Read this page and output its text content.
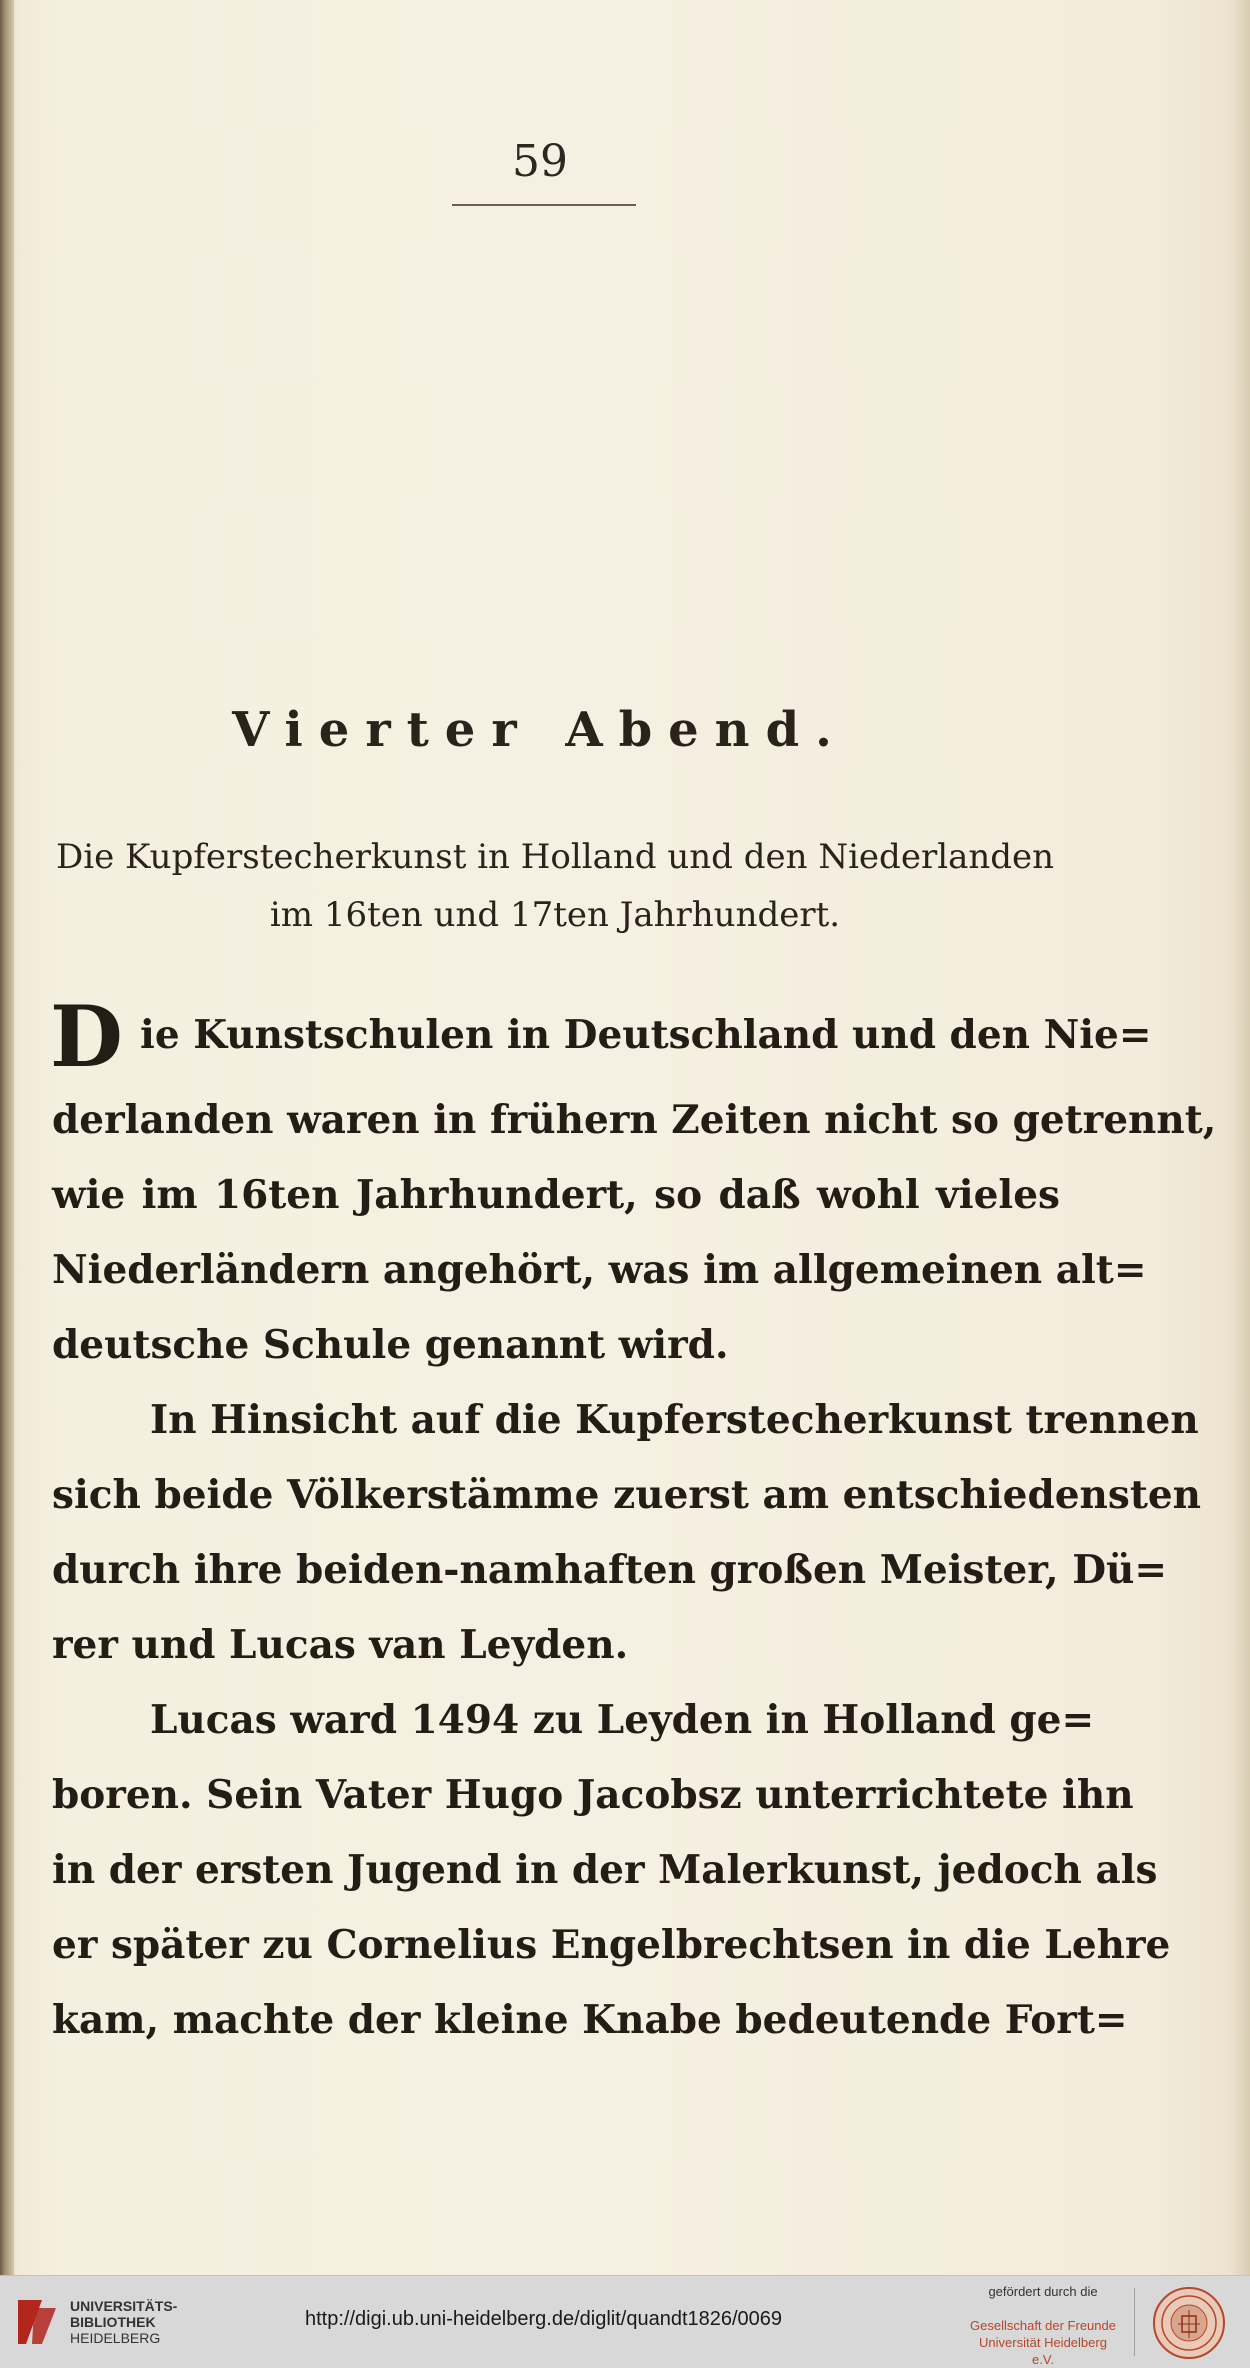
59

Vierter Abend.

Die Kupferstecherkunst in Holland und den Niederlanden
im 16ten und 17ten Jahrhundert.

D ie Kunstschulen in Deutschland und den Nie=

derlanden waren in frühern Zeiten nicht so getrennt,

wie im 16ten Jahrhundert, so daß wohl vieles

Niederländern angehört, was im allgemeinen alt=

deutsche Schule genannt wird.

In Hinsicht auf die Kupferstecherkunst trennen

sich beide Völkerstämme zuerst am entschiedensten

durch ihre beiden-namhaften großen Meister, Dü=

rer und Lucas van Leyden.

Lucas ward 1494 zu Leyden in Holland ge=

boren. Sein Vater Hugo Jacobsz unterrichtete ihn

in der ersten Jugend in der Malerkunst, jedoch als

er später zu Cornelius Engelbrechtsen in die Lehre

kam, machte der kleine Knabe bedeutende Fort=

UNIVERSITÄTS-
BIBLIOTHEK
HEIDELBERG
http://digi.ub.uni-heidelberg.de/diglit/quandt1826/0069
gefördert durch die
Gesellschaft der Freunde
Universität Heidelberg e.V.
